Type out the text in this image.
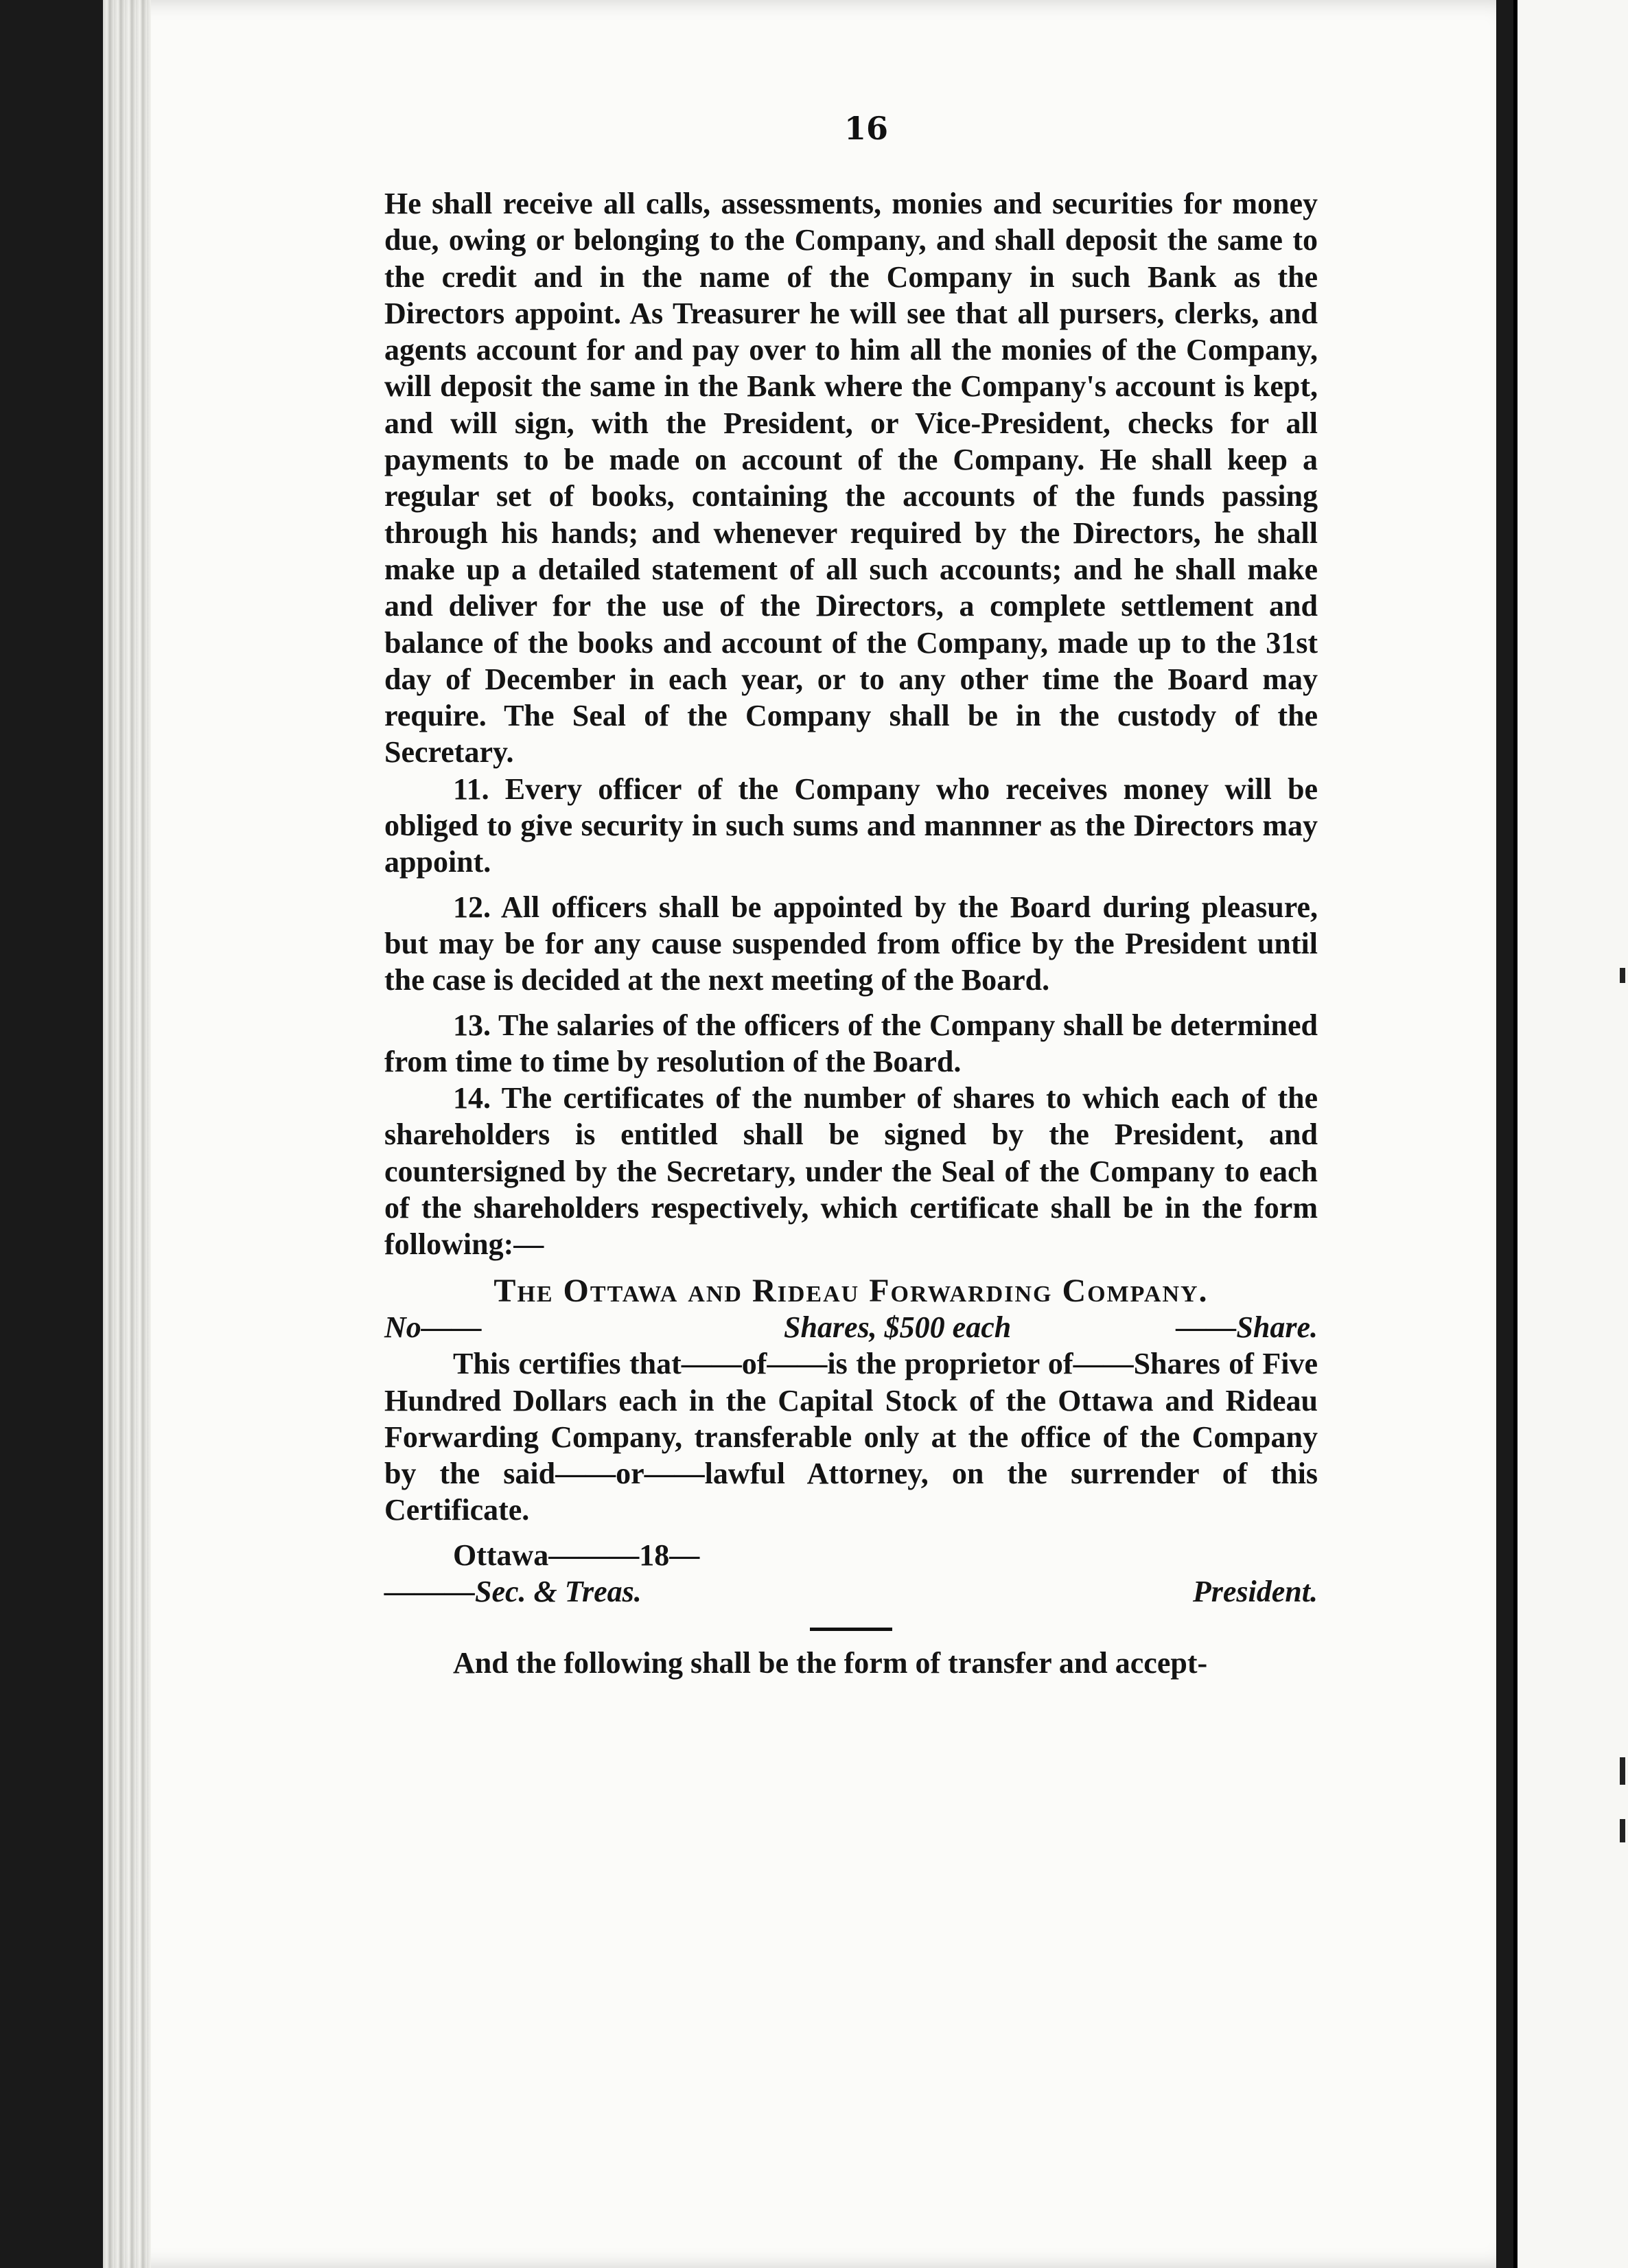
16

He shall receive all calls, assessments, monies and securities for money due, owing or belonging to the Company, and shall deposit the same to the credit and in the name of the Company in such Bank as the Directors appoint. As Treasurer he will see that all pursers, clerks, and agents account for and pay over to him all the monies of the Company, will deposit the same in the Bank where the Company's account is kept, and will sign, with the President, or Vice-President, checks for all payments to be made on account of the Company. He shall keep a regular set of books, containing the accounts of the funds passing through his hands; and whenever required by the Directors, he shall make up a detailed statement of all such accounts; and he shall make and deliver for the use of the Directors, a complete settlement and balance of the books and account of the Company, made up to the 31st day of December in each year, or to any other time the Board may require. The Seal of the Company shall be in the custody of the Secretary.

11. Every officer of the Company who receives money will be obliged to give security in such sums and mannner as the Directors may appoint.

12. All officers shall be appointed by the Board during pleasure, but may be for any cause suspended from office by the President until the case is decided at the next meeting of the Board.

13. The salaries of the officers of the Company shall be determined from time to time by resolution of the Board.

14. The certificates of the number of shares to which each of the shareholders is entitled shall be signed by the President, and countersigned by the Secretary, under the Seal of the Company to each of the shareholders respectively, which certificate shall be in the form following:—

The Ottawa and Rideau Forwarding Company.

No——	Shares, $500 each	——Share.

This certifies that——of——is the proprietor of——Shares of Five Hundred Dollars each in the Capital Stock of the Ottawa and Rideau Forwarding Company, transferable only at the office of the Company by the said——or——lawful Attorney, on the surrender of this Certificate.

Ottawa———18—

———Sec. & Treas.	President.

And the following shall be the form of transfer and accept-
